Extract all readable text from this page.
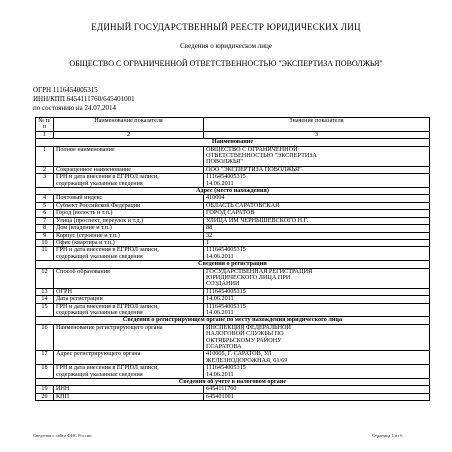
ЕДИНЫЙ ГОСУДАРСТВЕННЫЙ РЕЕСТР ЮРИДИЧЕСКИХ ЛИЦ
Сведения о юридическом лице
ОБЩЕСТВО С ОГРАНИЧЕННОЙ ОТВЕТСТВЕННОСТЬЮ "ЭКСПЕРТИЗА ПОВОЛЖЬЯ"
ОГРН 1116454005315
ИНН/КПП 6454111760/645401001
по состоянию на 24.07.2014
№ п/п	Наименование показателя	Значение показателя
1	2	3
Наименование		
1	Полное наименование	ОБЩЕСТВО С ОГРАНИЧЕННОЙ
ОТВЕТСТВЕННОСТЬЮ "ЭКСПЕРТИЗА
ПОВОЛЖЬЯ"
2	Сокращенное наименование	ООО "ЭКСПЕРТИЗА ПОВОЛЖЬЯ"
3	ГРН и дата внесения в ЕГРЮЛ записи,
содержащей указанные сведения	1116454005315
14.06.2011
Адрес (место нахождения)		
4	Почтовый индекс	410004
5	Субъект Российской Федерации	ОБЛАСТЬ САРАТОВСКАЯ
6	Город (волость и т.п.)	ГОРОД САРАТОВ
7	Улица (проспект, переулок и т.д.)	УЛИЦА ИМ ЧЕРНЫШЕВСКОГО Н.Г.
8	Дом (владение и т.п.)	88
9	Корпус (строение и т.п.)	32
10	Офис (квартира и т.п.)	1
11	ГРН и дата внесения в ЕГРЮЛ записи,
содержащей указанные сведения	1116454005315
14.06.2011
Сведения о регистрации		
12	Способ образования	ГОСУДАРСТВЕННАЯ РЕГИСТРАЦИЯ
ЮРИДИЧЕСКОГО ЛИЦА ПРИ
СОЗДАНИИ
13	ОГРН	1116454005315
14	Дата регистрации	14.06.2011
15	ГРН и дата внесения в ЕГРЮЛ записи,
содержащей указанные сведения	1116454005315
14.06.2011
Сведения о регистрирующем органе по месту нахождения юридического лица		
16	Наименование регистрирующего органа	ИНСПЕКЦИЯ ФЕДЕРАЛЬНОЙ
НАЛОГОВОЙ СЛУЖБЫ ПО
ОКТЯБРЬСКОМУ РАЙОНУ
Г.САРАТОВА
17	Адрес регистрирующего органа	410005, Г. САРАТОВ, УЛ
ЖЕЛЕЗНОДОРОЖНАЯ, 61/69
18	ГРН и дата внесения в ЕГРЮЛ записи,
содержащей указанные сведения	1116454005315
14.06.2011
Сведения об учете в налоговом органе		
19	ИНН	6454111760
20	КПП	645401001
Сведения с сайта ФНС России	Страница 1 из 6
